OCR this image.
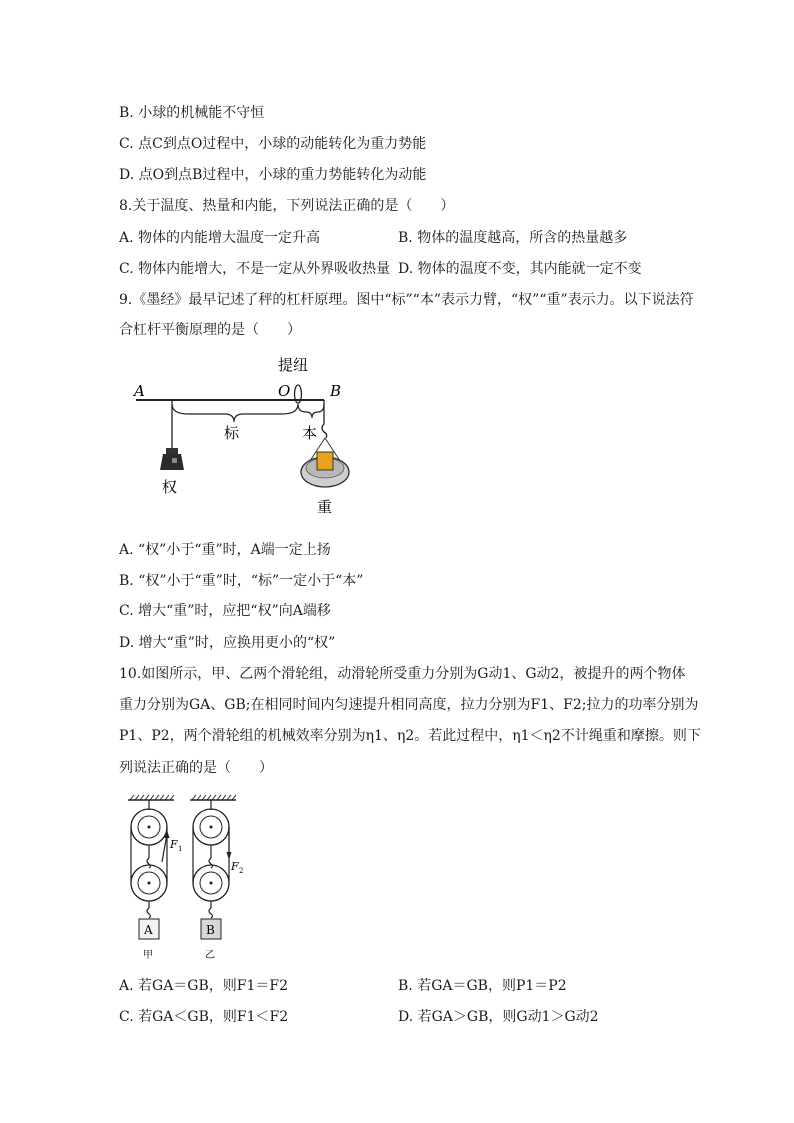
B. 小球的机械能不守恒
C. 点C到点O过程中，小球的动能转化为重力势能
D. 点O到点B过程中，小球的重力势能转化为动能
8.关于温度、热量和内能，下列说法正确的是（　　）
A. 物体的内能增大温度一定升高	B. 物体的温度越高，所含的热量越多
C. 物体内能增大，不是一定从外界吸收热量 D. 物体的温度不变，其内能就一定不变
9.《墨经》最早记述了秤的杠杆原理。图中“标”“本”表示力臂，“权”“重”表示力。以下说法符
合杠杆平衡原理的是（　　）
A	O	B
提纽
标	本
权
重
A. “权”小于“重”时，A端一定上扬
B. “权”小于“重”时，“标”一定小于“本”
C. 增大“重”时，应把“权”向A端移
D. 增大“重”时，应换用更小的“权”
10.如图所示，甲、乙两个滑轮组，动滑轮所受重力分别为G动1、G动2，被提升的两个物体
重力分别为GA、GB;在相同时间内匀速提升相同高度，拉力分别为F1、F2;拉力的功率分别为
P1、P2，两个滑轮组的机械效率分别为η1、η2。若此过程中，η1＜η2不计绳重和摩擦。则下
列说法正确的是（　　）
F 1
A
甲
F 2
B
乙
A. 若GA＝GB，则F1＝F2	B. 若GA＝GB，则P1＝P2
C. 若GA＜GB，则F1＜F2	D. 若GA＞GB，则G动1＞G动2
